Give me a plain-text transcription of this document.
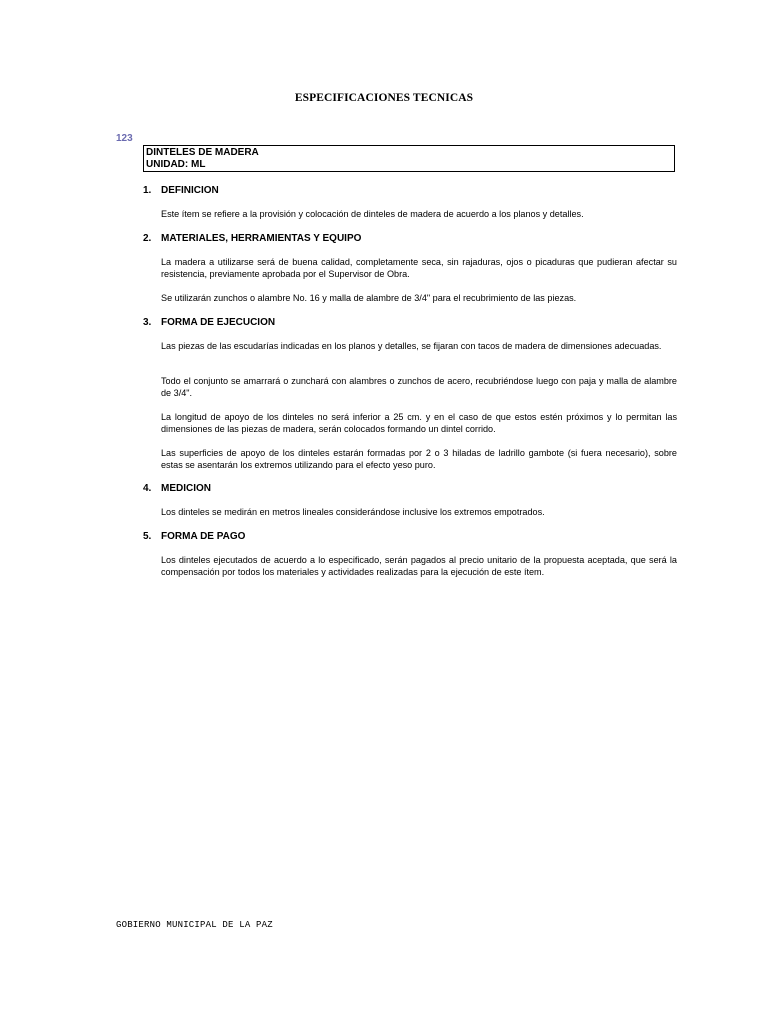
ESPECIFICACIONES TECNICAS
123
DINTELES DE MADERA
UNIDAD: ML
1. DEFINICION
Este ítem se refiere a la provisión y colocación de dinteles de madera de acuerdo a los planos y detalles.
2. MATERIALES, HERRAMIENTAS Y EQUIPO
La madera a utilizarse será de buena calidad, completamente seca, sin rajaduras, ojos o picaduras que pudieran afectar su resistencia, previamente aprobada por el Supervisor de Obra.
Se utilizarán zunchos o alambre No. 16 y malla de alambre de 3/4" para el recubrimiento de las piezas.
3. FORMA DE EJECUCION
Las piezas de las escudarías indicadas en los planos y detalles, se fijaran con tacos de madera de dimensiones adecuadas.
Todo el conjunto se amarrará o zunchará con alambres o zunchos de acero, recubriéndose luego con paja y malla de alambre de 3/4".
La longitud de apoyo de los dinteles no será inferior a 25 cm. y en el caso de que estos estén próximos y lo permitan las dimensiones de las piezas de madera, serán colocados formando un dintel corrido.
Las superficies de apoyo de los dinteles estarán formadas por 2 o 3 hiladas de ladrillo gambote (si fuera necesario), sobre estas se asentarán los extremos utilizando para el efecto yeso puro.
4. MEDICION
Los dinteles se medirán en metros lineales considerándose inclusive los extremos empotrados.
5. FORMA DE PAGO
Los dinteles ejecutados de acuerdo a lo especificado, serán pagados al precio unitario de la propuesta aceptada, que será la compensación por todos los materiales y actividades realizadas para la ejecución de este ítem.
GOBIERNO MUNICIPAL DE LA PAZ
